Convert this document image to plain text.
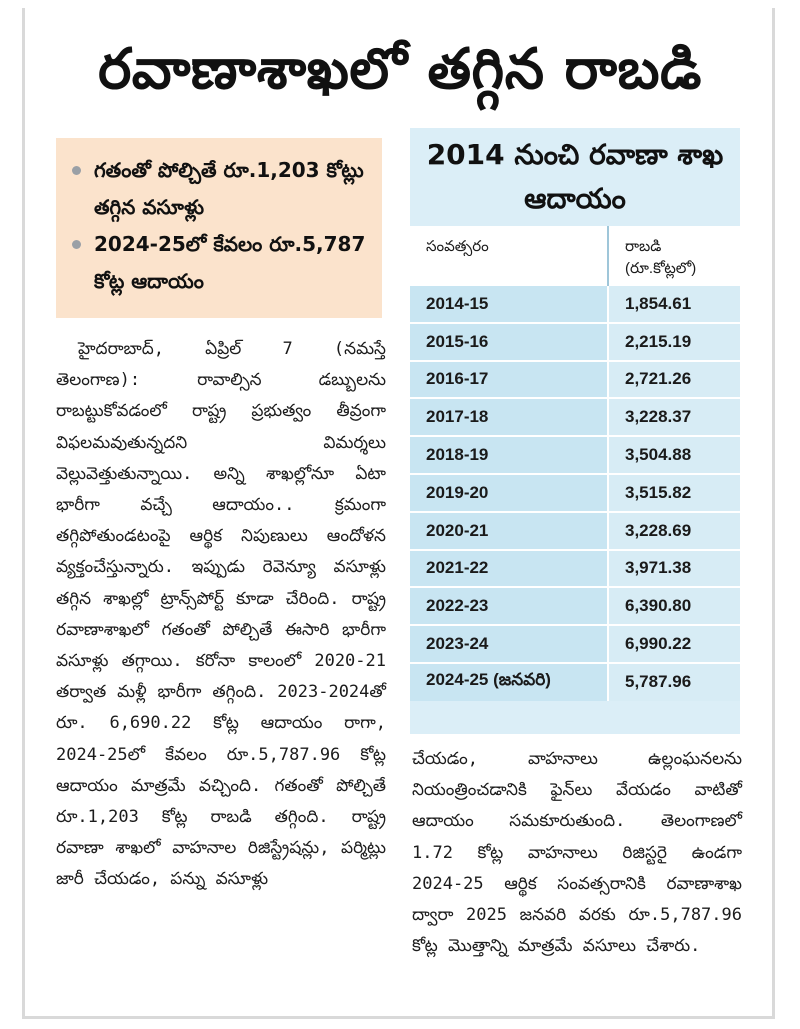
రవాణాశాఖలో తగ్గిన రాబడి
గతంతో పోల్చితే రూ.1,203 కోట్లు తగ్గిన వసూళ్లు
2024-25లో కేవలం రూ.5,787 కోట్ల ఆదాయం

హైదరాబాద్, ఏప్రిల్ 7 (నమస్తే తెలంగాణ): రావాల్సిన డబ్బులను రాబట్టుకోవడంలో రాష్ట్ర ప్రభుత్వం తీవ్రంగా విఫలమవుతున్నదని విమర్శలు వెల్లువెత్తుతున్నాయి. అన్ని శాఖల్లోనూ ఏటా భారీగా వచ్చే ఆదాయం.. క్రమంగా తగ్గిపోతుండటంపై ఆర్థిక నిపుణులు ఆందోళన వ్యక్తంచేస్తున్నారు. ఇప్పుడు రెవెన్యూ వసూళ్లు తగ్గిన శాఖల్లో ట్రాన్స్‌పోర్ట్ కూడా చేరింది. రాష్ట్ర రవాణాశాఖలో గతంతో పోల్చితే ఈసారి భారీగా వసూళ్లు తగ్గాయి. కరోనా కాలంలో 2020-21 తర్వాత మళ్లీ భారీగా తగ్గింది. 2023-2024తో రూ. 6,690.22 కోట్ల ఆదాయం రాగా, 2024-25లో కేవలం రూ.5,787.96 కోట్ల ఆదాయం మాత్రమే వచ్చింది. గతంతో పోల్చితే రూ.1,203 కోట్ల రాబడి తగ్గింది. రాష్ట్ర రవాణా శాఖలో వాహనాల రిజిస్ట్రేషన్లు, పర్మిట్లు జారీ చేయడం, పన్ను వసూళ్లు

2014 నుంచి రవాణా శాఖ ఆదాయం
సంవత్సరం	రాబడి (రూ.కోట్లలో)
2014-15	1,854.61
2015-16	2,215.19
2016-17	2,721.26
2017-18	3,228.37
2018-19	3,504.88
2019-20	3,515.82
2020-21	3,228.69
2021-22	3,971.38
2022-23	6,390.80
2023-24	6,990.22
2024-25 (జనవరి)	5,787.96

చేయడం, వాహనాలు ఉల్లంఘనలను నియంత్రించడానికి ఫైన్‌లు వేయడం వాటితో ఆదాయం సమకూరుతుంది. తెలంగాణలో 1.72 కోట్ల వాహనాలు రిజిస్టరై ఉండగా 2024-25 ఆర్థిక సంవత్సరానికి రవాణాశాఖ ద్వారా 2025 జనవరి వరకు రూ.5,787.96 కోట్ల మొత్తాన్ని మాత్రమే వసూలు చేశారు.
